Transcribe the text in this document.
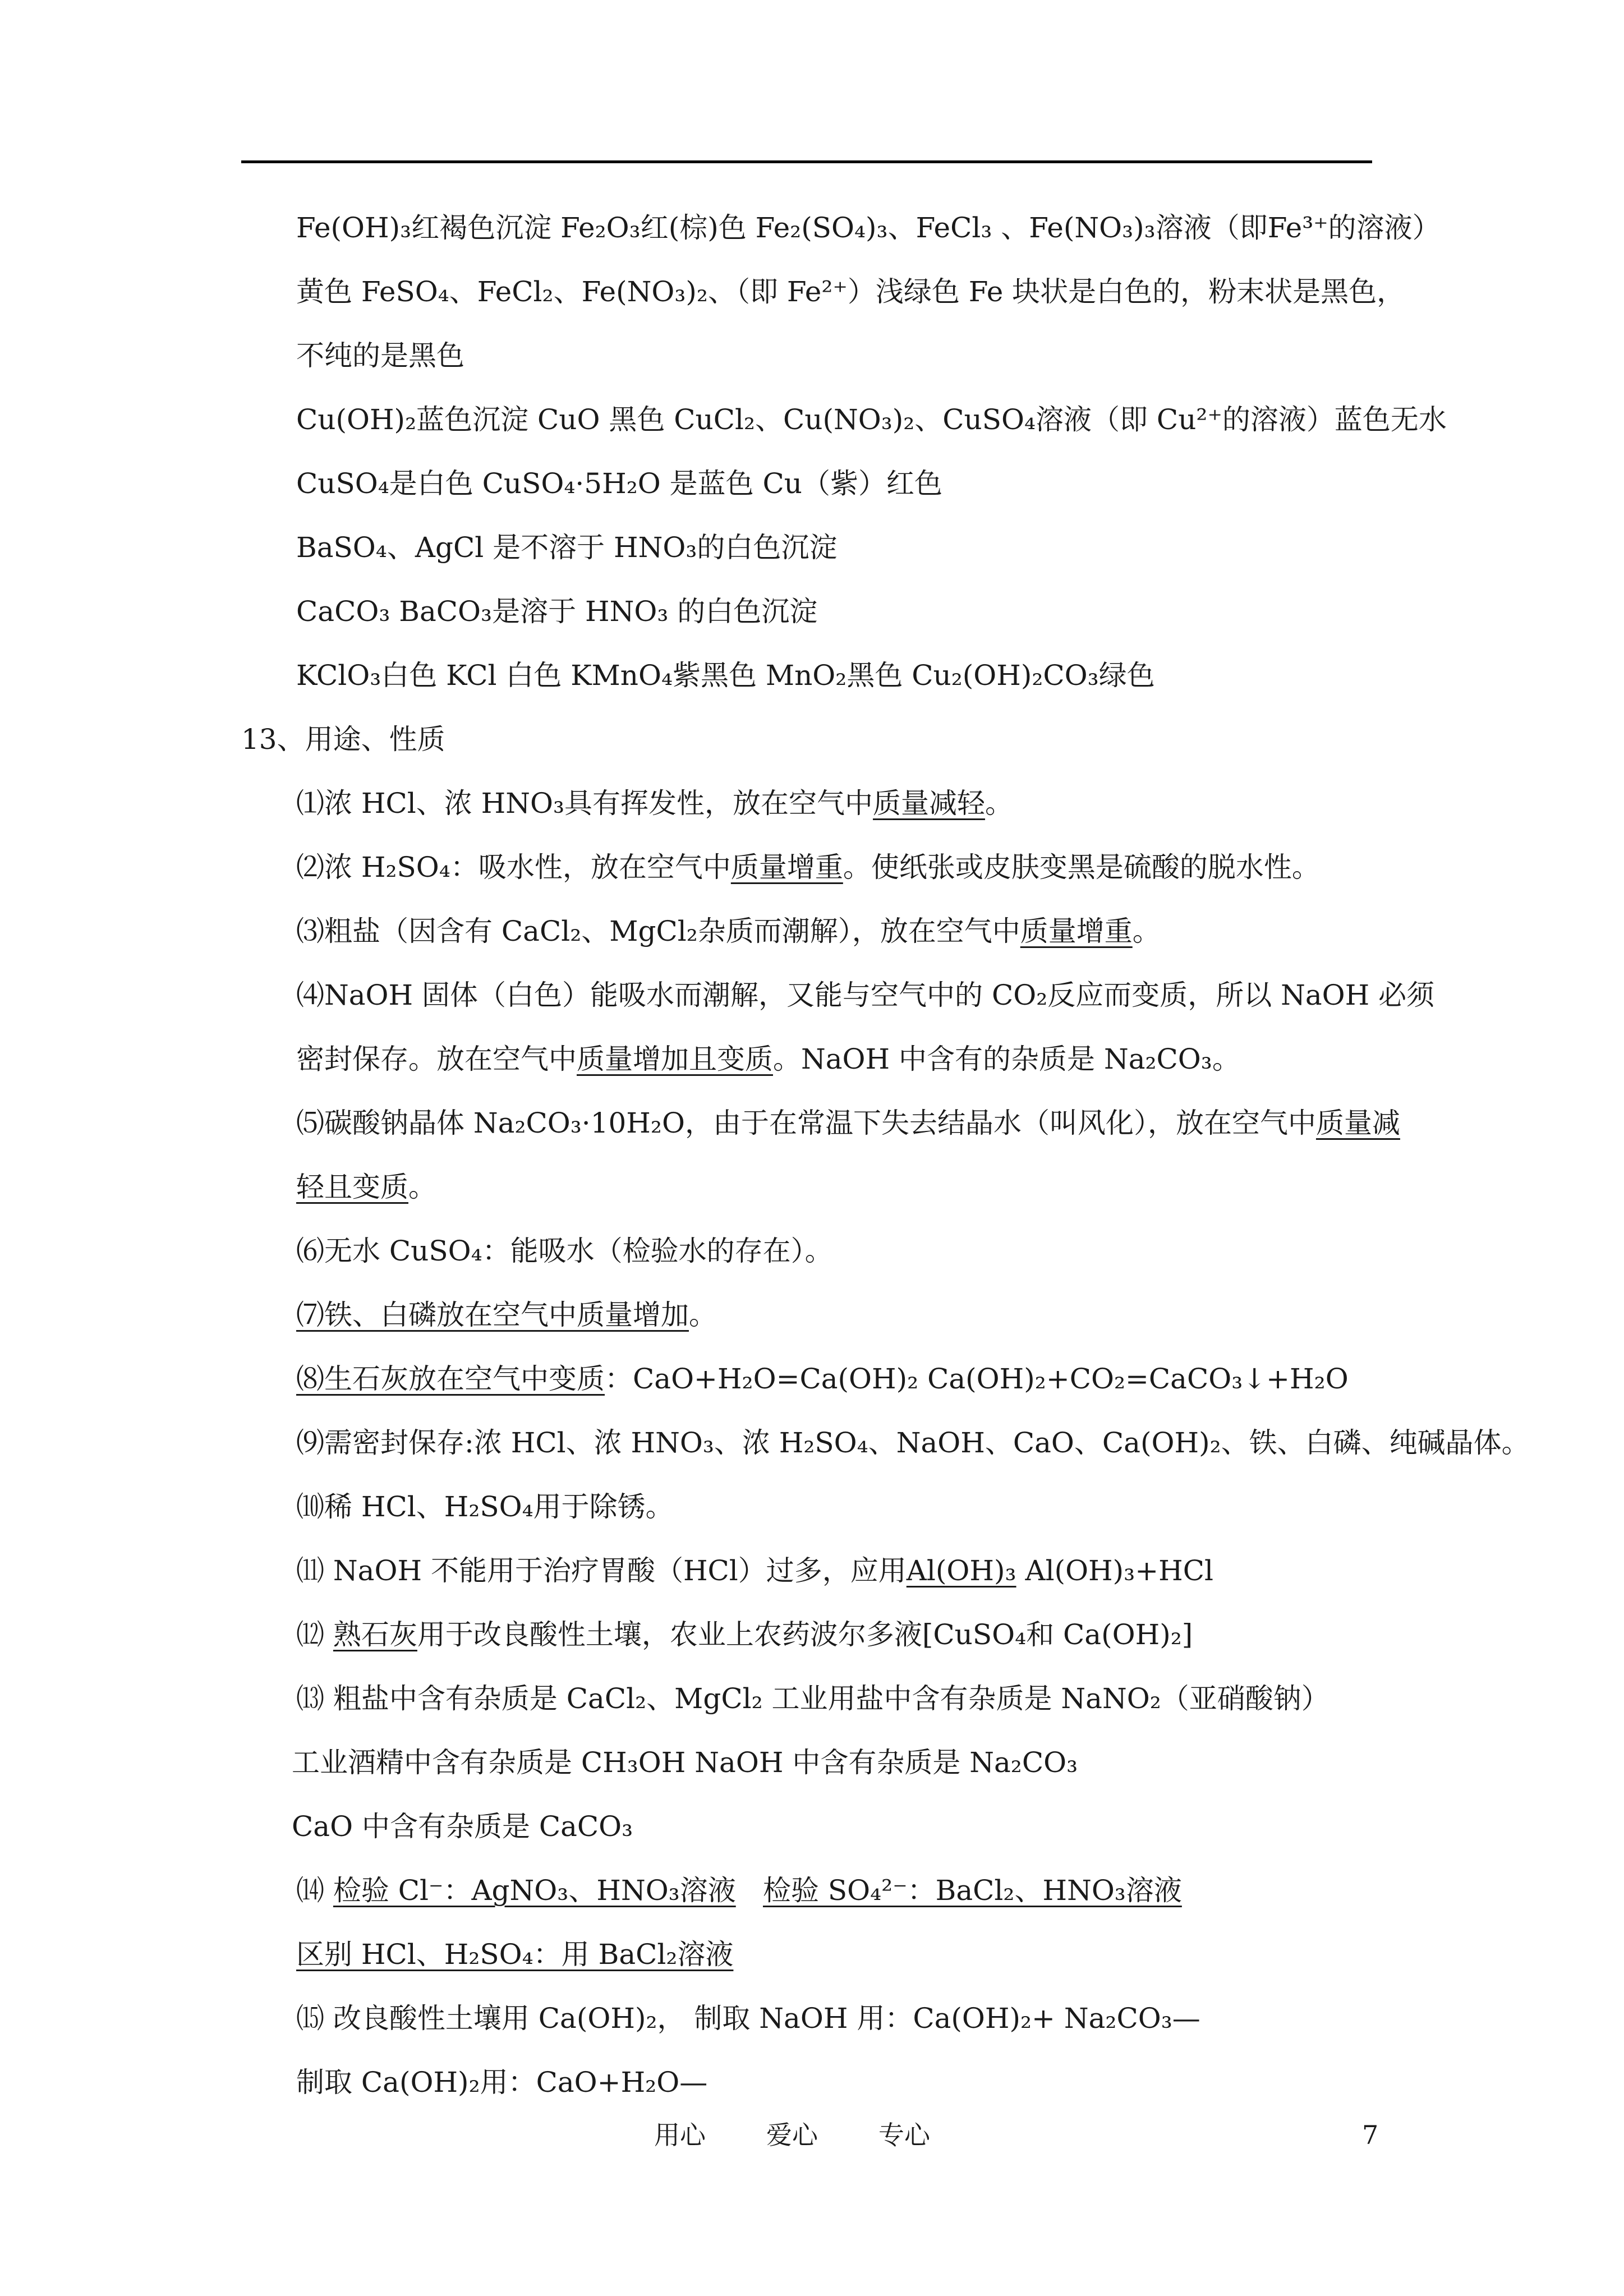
Fe(OH)₃红褐色沉淀 Fe₂O₃红(棕)色 Fe₂(SO₄)₃、FeCl₃ 、Fe(NO₃)₃溶液（即Fe³⁺的溶液）
黄色 FeSO₄、FeCl₂、Fe(NO₃)₂、（即 Fe²⁺）浅绿色 Fe 块状是白色的，粉末状是黑色，
不纯的是黑色
Cu(OH)₂蓝色沉淀 CuO 黑色 CuCl₂、Cu(NO₃)₂、CuSO₄溶液（即 Cu²⁺的溶液）蓝色无水
CuSO₄是白色 CuSO₄·5H₂O 是蓝色 Cu（紫）红色
BaSO₄、AgCl 是不溶于 HNO₃的白色沉淀
CaCO₃ BaCO₃是溶于 HNO₃ 的白色沉淀
KClO₃白色 KCl 白色 KMnO₄紫黑色 MnO₂黑色 Cu₂(OH)₂CO₃绿色
13、用途、性质
⑴浓 HCl、浓 HNO₃具有挥发性，放在空气中质量减轻。
⑵浓 H₂SO₄：吸水性，放在空气中质量增重。使纸张或皮肤变黑是硫酸的脱水性。
⑶粗盐（因含有 CaCl₂、MgCl₂杂质而潮解），放在空气中质量增重。
⑷NaOH 固体（白色）能吸水而潮解，又能与空气中的 CO₂反应而变质，所以 NaOH 必须
密封保存。放在空气中质量增加且变质。NaOH 中含有的杂质是 Na₂CO₃。
⑸碳酸钠晶体 Na₂CO₃·10H₂O，由于在常温下失去结晶水（叫风化），放在空气中质量减
轻且变质。
⑹无水 CuSO₄：能吸水（检验水的存在）。
⑺铁、白磷放在空气中质量增加。
⑻生石灰放在空气中变质：CaO+H₂O=Ca(OH)₂ Ca(OH)₂+CO₂=CaCO₃↓+H₂O
⑼需密封保存:浓 HCl、浓 HNO₃、浓 H₂SO₄、NaOH、CaO、Ca(OH)₂、铁、白磷、纯碱晶体。
⑽稀 HCl、H₂SO₄用于除锈。
⑾ NaOH 不能用于治疗胃酸（HCl）过多，应用Al(OH)₃ Al(OH)₃+HCl
⑿ 熟石灰用于改良酸性土壤，农业上农药波尔多液[CuSO₄和 Ca(OH)₂]
⒀ 粗盐中含有杂质是 CaCl₂、MgCl₂ 工业用盐中含有杂质是 NaNO₂（亚硝酸钠）
工业酒精中含有杂质是 CH₃OH NaOH 中含有杂质是 Na₂CO₃
CaO 中含有杂质是 CaCO₃
⒁ 检验 Cl⁻：AgNO₃、HNO₃溶液 检验 SO₄²⁻：BaCl₂、HNO₃溶液
区别 HCl、H₂SO₄：用 BaCl₂溶液
⒂ 改良酸性土壤用 Ca(OH)₂， 制取 NaOH 用：Ca(OH)₂+ Na₂CO₃—
制取 Ca(OH)₂用：CaO+H₂O—
用心 爱心 专心	7
